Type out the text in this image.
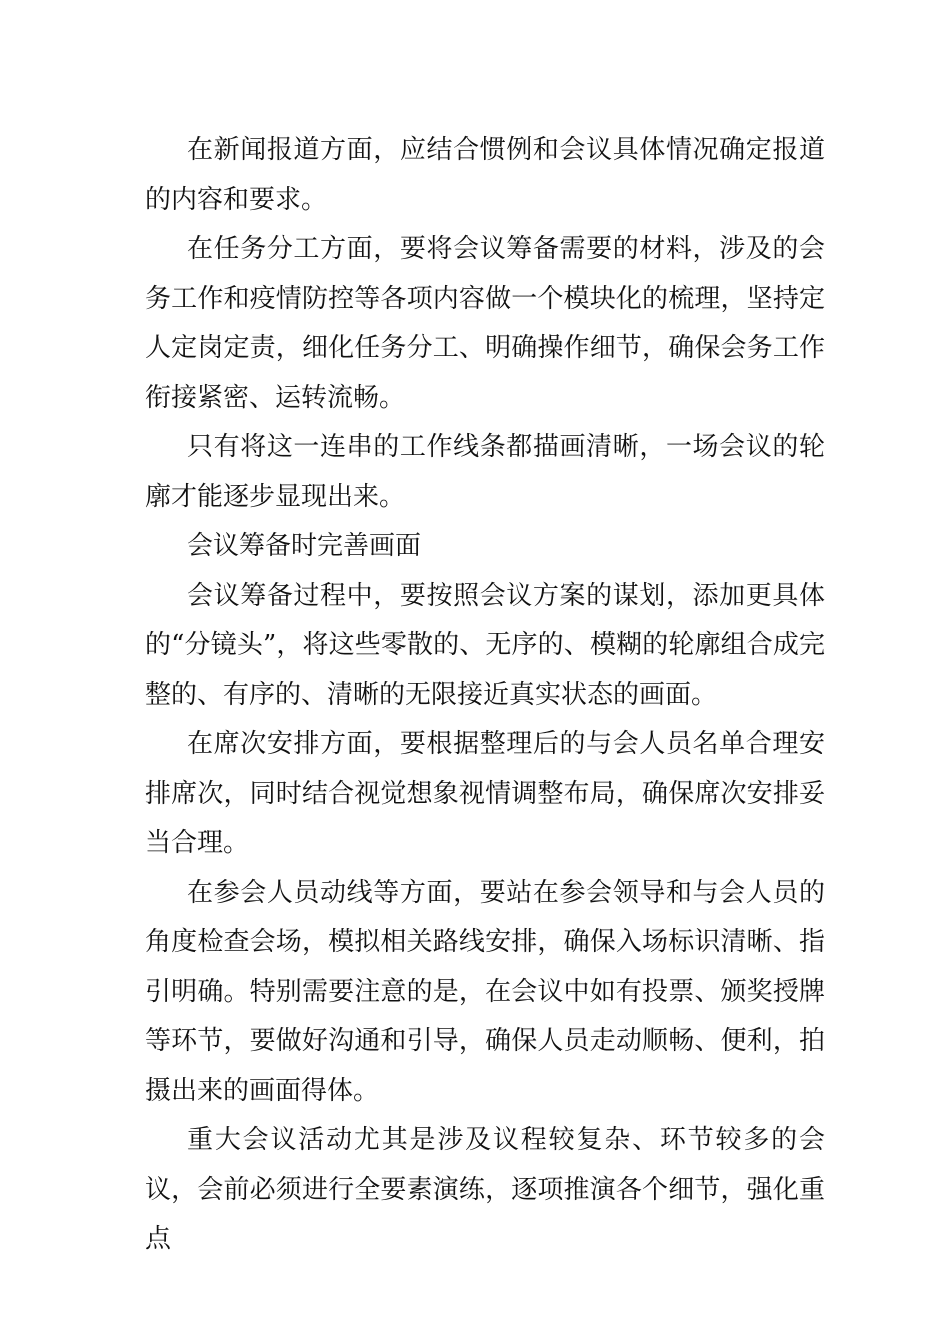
在新闻报道方面，应结合惯例和会议具体情况确定报道的内容和要求。

在任务分工方面，要将会议筹备需要的材料，涉及的会务工作和疫情防控等各项内容做一个模块化的梳理，坚持定人定岗定责，细化任务分工、明确操作细节，确保会务工作衔接紧密、运转流畅。

只有将这一连串的工作线条都描画清晰，一场会议的轮廓才能逐步显现出来。

会议筹备时完善画面

会议筹备过程中，要按照会议方案的谋划，添加更具体的“分镜头”，将这些零散的、无序的、模糊的轮廓组合成完整的、有序的、清晰的无限接近真实状态的画面。

在席次安排方面，要根据整理后的与会人员名单合理安排席次，同时结合视觉想象视情调整布局，确保席次安排妥当合理。

在参会人员动线等方面，要站在参会领导和与会人员的角度检查会场，模拟相关路线安排，确保入场标识清晰、指引明确。特别需要注意的是，在会议中如有投票、颁奖授牌等环节，要做好沟通和引导，确保人员走动顺畅、便利，拍摄出来的画面得体。

重大会议活动尤其是涉及议程较复杂、环节较多的会议，会前必须进行全要素演练，逐项推演各个细节，强化重点
